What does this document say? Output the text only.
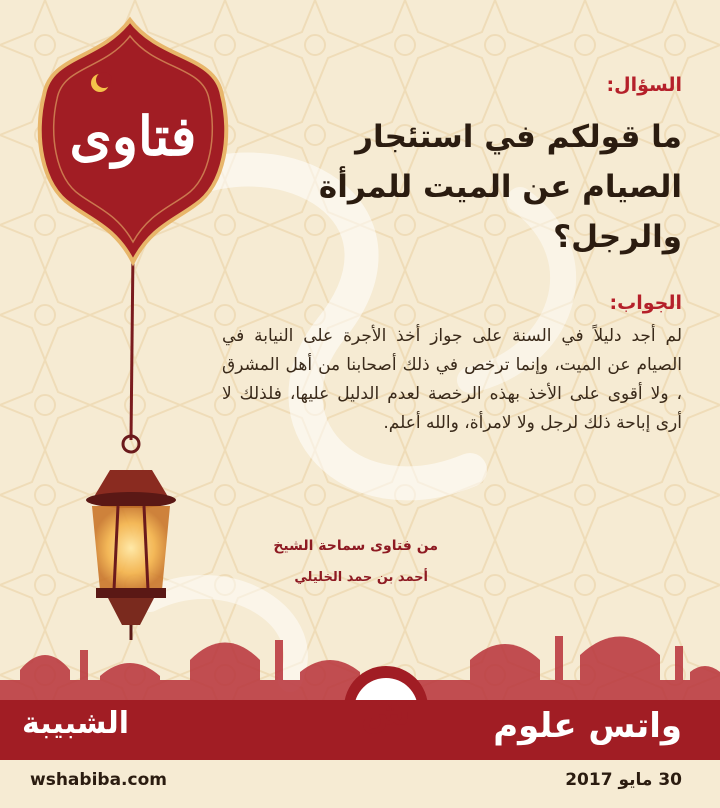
فتاوى
السؤال:
ما قولكم في استئجار الصيام عن الميت للمرأة والرجل؟
الجواب:
لم أجد دليلاً في السنة على جواز أخذ الأجرة على النيابة في الصيام عن الميت، وإنما ترخص في ذلك أصحابنا من أهل المشرق ، ولا أقوى على الأخذ بهذه الرخصة لعدم الدليل عليها، فلذلك لا أرى إباحة ذلك لرجل ولا لامرأة، والله أعلم.
من فتاوى سماحة الشيخ
أحمد بن حمد الخليلي
الشبيبة	ش واتس علوم
wshabiba.com	30 مايو 2017
